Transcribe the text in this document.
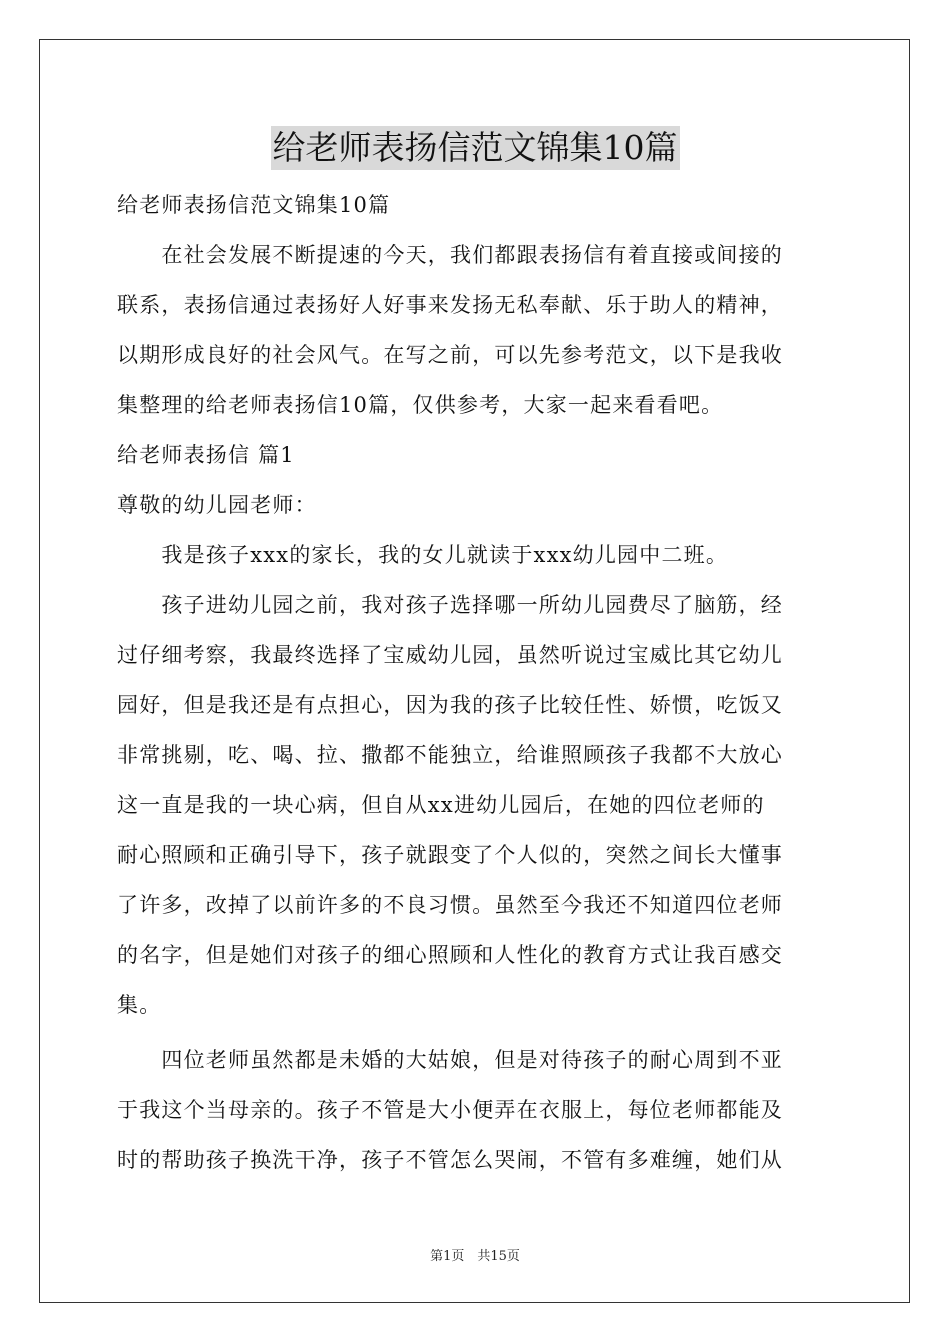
给老师表扬信范文锦集10篇
给老师表扬信范文锦集10篇
　　在社会发展不断提速的今天，我们都跟表扬信有着直接或间接的
联系，表扬信通过表扬好人好事来发扬无私奉献、乐于助人的精神，
以期形成良好的社会风气。在写之前，可以先参考范文，以下是我收
集整理的给老师表扬信10篇，仅供参考，大家一起来看看吧。
给老师表扬信 篇1
尊敬的幼儿园老师：
　　我是孩子xxx的家长，我的女儿就读于xxx幼儿园中二班。
　　孩子进幼儿园之前，我对孩子选择哪一所幼儿园费尽了脑筋，经
过仔细考察，我最终选择了宝威幼儿园，虽然听说过宝威比其它幼儿
园好，但是我还是有点担心，因为我的孩子比较任性、娇惯，吃饭又
非常挑剔，吃、喝、拉、撒都不能独立，给谁照顾孩子我都不大放心
这一直是我的一块心病，但自从xx进幼儿园后，在她的四位老师的
耐心照顾和正确引导下，孩子就跟变了个人似的，突然之间长大懂事
了许多，改掉了以前许多的不良习惯。虽然至今我还不知道四位老师
的名字，但是她们对孩子的细心照顾和人性化的教育方式让我百感交
集。
　　四位老师虽然都是未婚的大姑娘，但是对待孩子的耐心周到不亚
于我这个当母亲的。孩子不管是大小便弄在衣服上，每位老师都能及
时的帮助孩子换洗干净，孩子不管怎么哭闹，不管有多难缠，她们从
第1页　共15页
